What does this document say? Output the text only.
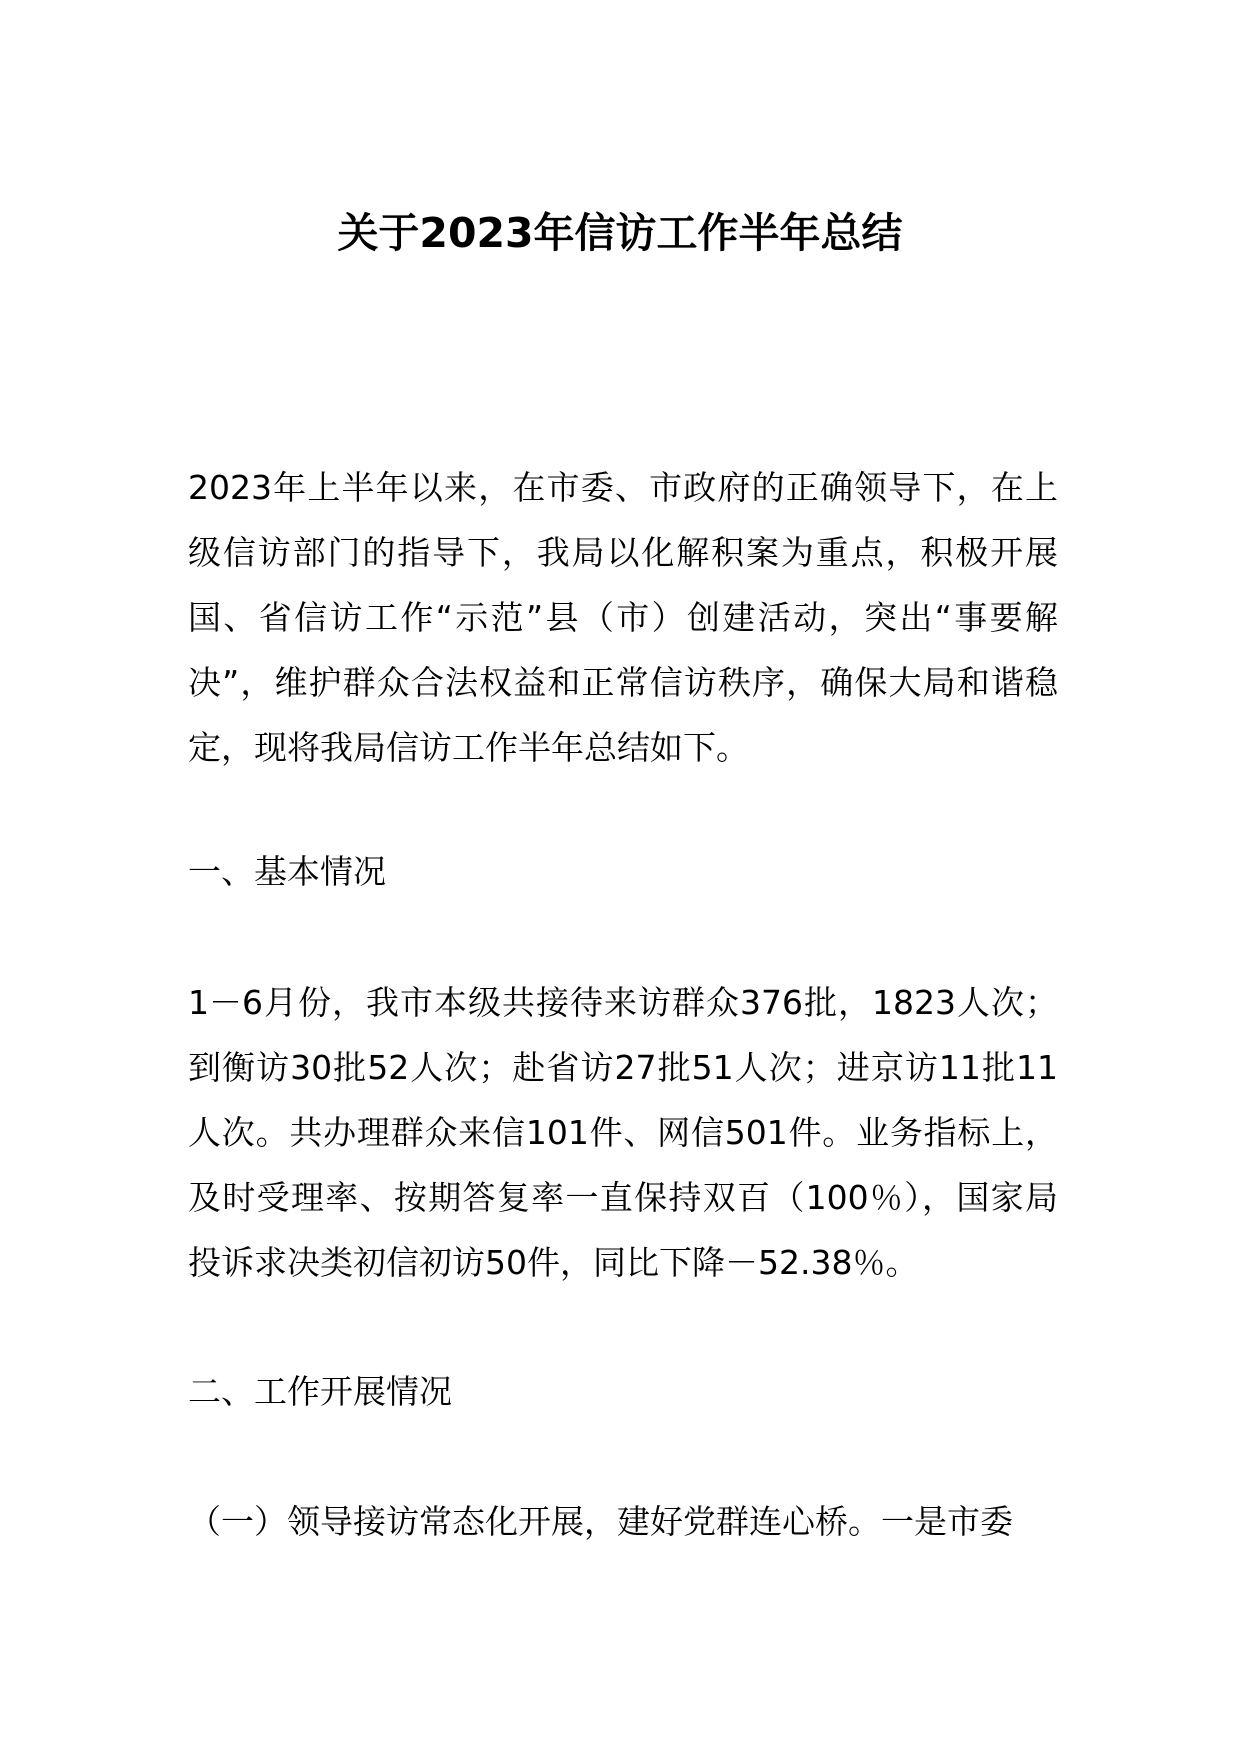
关于2023年信访工作半年总结
2023年上半年以来，在市委、市政府的正确领导下，在上级信访部门的指导下，我局以化解积案为重点，积极开展国、省信访工作“示范”县（市）创建活动，突出“事要解决”，维护群众合法权益和正常信访秩序，确保大局和谐稳定，现将我局信访工作半年总结如下。
一、基本情况
1－6月份，我市本级共接待来访群众376批，1823人次；到衡访30批52人次；赴省访27批51人次；进京访11批11人次。共办理群众来信101件、网信501件。业务指标上，及时受理率、按期答复率一直保持双百（100％），国家局投诉求决类初信初访50件，同比下降－52.38％。
二、工作开展情况
（一）领导接访常态化开展，建好党群连心桥。一是市委
